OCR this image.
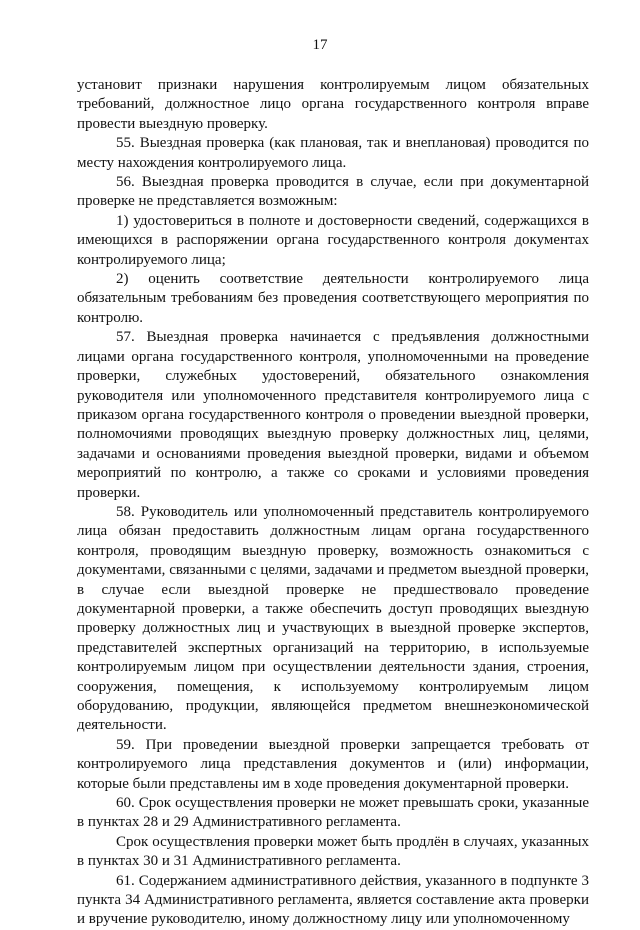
17

установит признаки нарушения контролируемым лицом обязательных требований, должностное лицо органа государственного контроля вправе провести выездную проверку.

55. Выездная проверка (как плановая, так и внеплановая) проводится по месту нахождения контролируемого лица.

56. Выездная проверка проводится в случае, если при документарной проверке не представляется возможным:

1) удостовериться в полноте и достоверности сведений, содержащихся в имеющихся в распоряжении органа государственного контроля документах контролируемого лица;

2) оценить соответствие деятельности контролируемого лица обязательным требованиям без проведения соответствующего мероприятия по контролю.

57. Выездная проверка начинается с предъявления должностными лицами органа государственного контроля, уполномоченными на проведение проверки, служебных удостоверений, обязательного ознакомления руководителя или уполномоченного представителя контролируемого лица с приказом органа государственного контроля о проведении выездной проверки, полномочиями проводящих выездную проверку должностных лиц, целями, задачами и основаниями проведения выездной проверки, видами и объемом мероприятий по контролю, а также со сроками и условиями проведения проверки.

58. Руководитель или уполномоченный представитель контролируемого лица обязан предоставить должностным лицам органа государственного контроля, проводящим выездную проверку, возможность ознакомиться с документами, связанными с целями, задачами и предметом выездной проверки, в случае если выездной проверке не предшествовало проведение документарной проверки, а также обеспечить доступ проводящих выездную проверку должностных лиц и участвующих в выездной проверке экспертов, представителей экспертных организаций на территорию, в используемые контролируемым лицом при осуществлении деятельности здания, строения, сооружения, помещения, к используемому контролируемым лицом оборудованию, продукции, являющейся предметом внешнеэкономической деятельности.

59. При проведении выездной проверки запрещается требовать от контролируемого лица представления документов и (или) информации, которые были представлены им в ходе проведения документарной проверки.

60. Срок осуществления проверки не может превышать сроки, указанные в пунктах 28 и 29 Административного регламента.

Срок осуществления проверки может быть продлён в случаях, указанных в пунктах 30 и 31 Административного регламента.

61. Содержанием административного действия, указанного в подпункте 3 пункта 34 Административного регламента, является составление акта проверки и вручение руководителю, иному должностному лицу или уполномоченному
